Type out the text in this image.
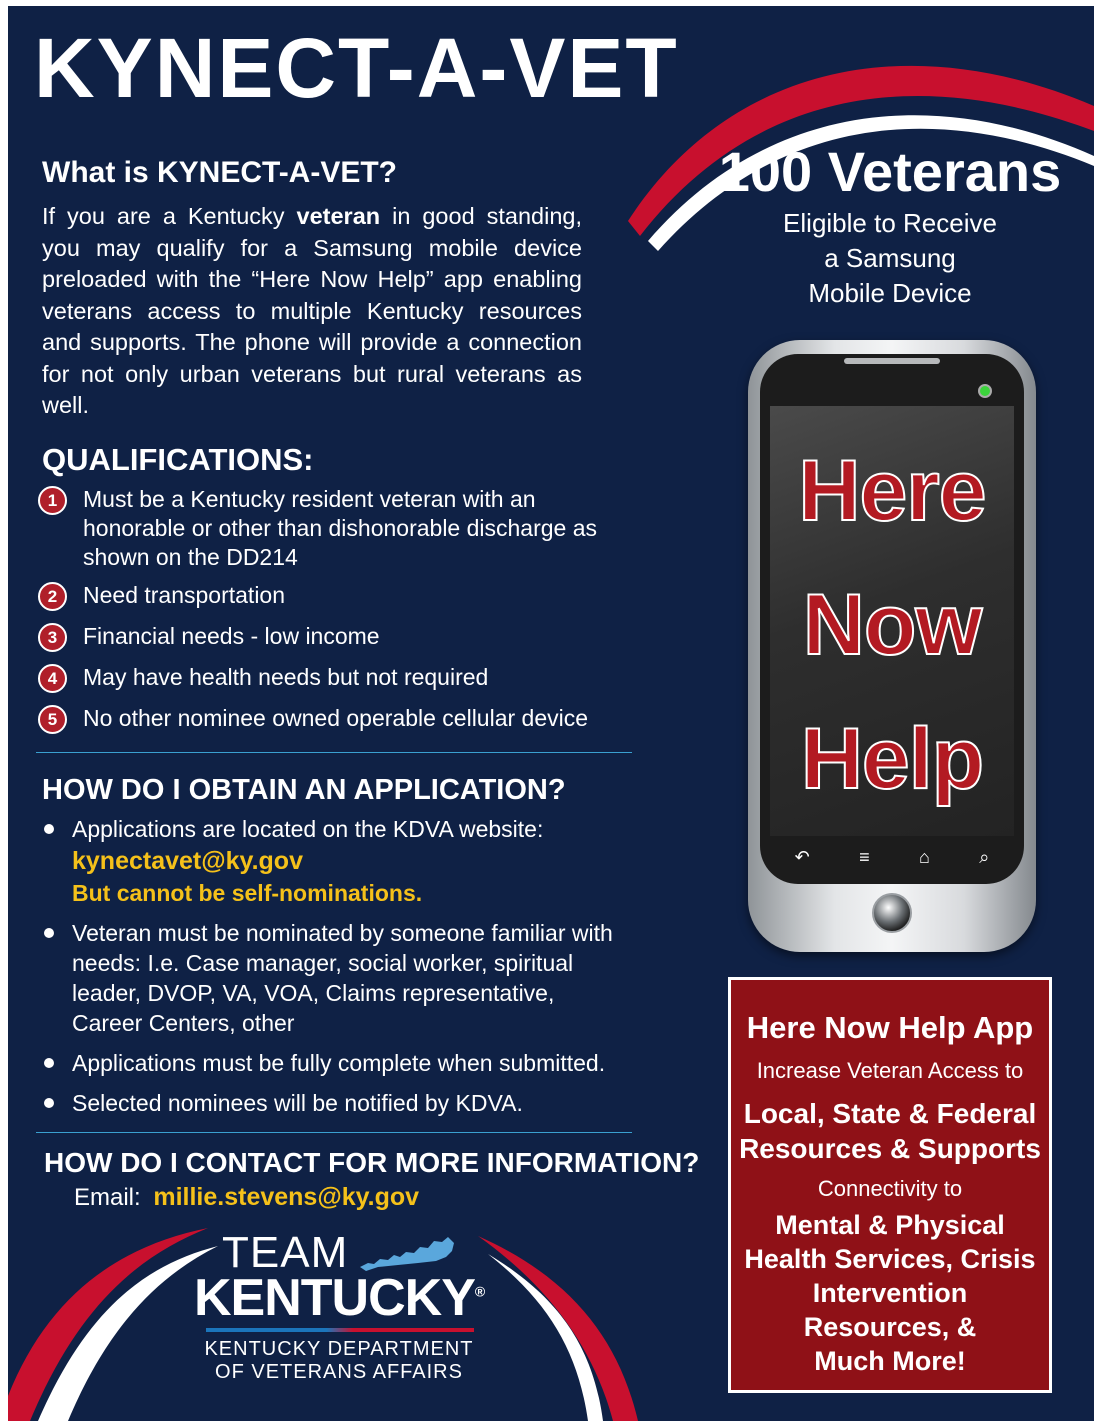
KYNECT-A-VET
What is KYNECT-A-VET?

If you are a Kentucky veteran in good standing, you may qualify for a Samsung mobile device preloaded with the “Here Now Help” app enabling veterans access to multiple Kentucky resources and supports. The phone will provide a connection for not only urban veterans but rural veterans as well.

QUALIFICATIONS:
1	Must be a Kentucky resident veteran with an honorable or other than dishonorable discharge as shown on the DD214
2	Need transportation
3	Financial needs - low income
4	May have health needs but not required
5	No other nominee owned operable cellular device
HOW DO I OBTAIN AN APPLICATION?
Applications are located on the KDVA website:
kynectavet@ky.gov
But cannot be self-nominations.
Veteran must be nominated by someone familiar with needs: I.e. Case manager, social worker, spiritual leader, DVOP, VA, VOA, Claims representative, Career Centers, other
Applications must be fully complete when submitted.
Selected nominees will be notified by KDVA.
HOW DO I CONTACT FOR MORE INFORMATION?
Email: millie.stevens@ky.gov
TEAM
KENTUCKY®
KENTUCKY DEPARTMENT
OF VETERANS AFFAIRS
100 Veterans
Eligible to Receive
a Samsung
Mobile Device
Here
Now
Help
↶	≡	⌂	⌕
Here Now Help App
Increase Veteran Access to
Local, State & Federal
Resources & Supports
Connectivity to
Mental & Physical
Health Services, Crisis
Intervention
Resources, &
Much More!
